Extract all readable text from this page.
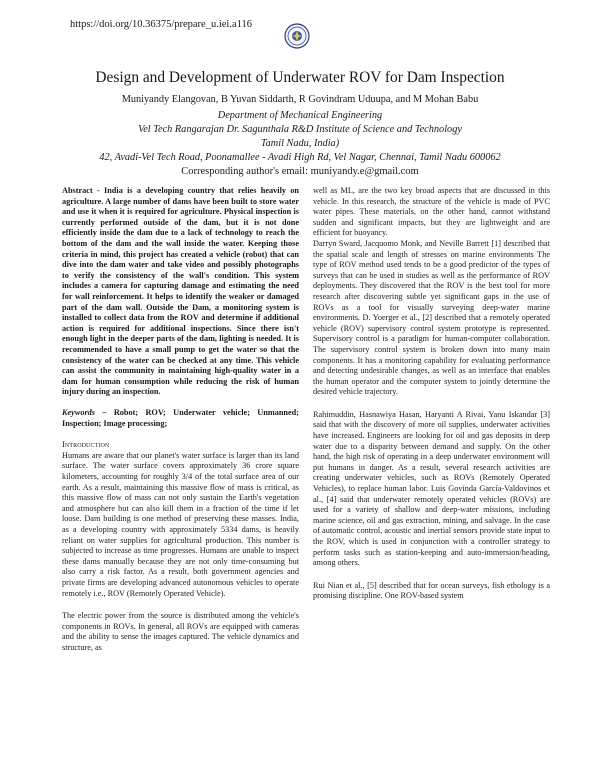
https://doi.org/10.36375/prepare_u.iei.a116
Design and Development of Underwater ROV for Dam Inspection
Muniyandy Elangovan, B Yuvan Siddarth, R Govindram Uduupa, and M Mohan Babu
Department of Mechanical Engineering
Vel Tech Rangarajan Dr. Sagunthala R&D Institute of Science and Technology
Tamil Nadu, India)
42, Avadi-Vel Tech Road, Poonamallee - Avadi High Rd, Vel Nagar, Chennai, Tamil Nadu 600062
Corresponding author's email: muniyandy.e@gmail.com

Abstract - India is a developing country that relies heavily on agriculture. A large number of dams have been built to store water and use it when it is required for agriculture. Physical inspection is currently performed outside of the dam, but it is not done efficiently inside the dam due to a lack of technology to reach the bottom of the dam and the wall inside the water. Keeping those criteria in mind, this project has created a vehicle (robot) that can dive into the dam water and take video and possibly photographs to verify the consistency of the wall's condition. This system includes a camera for capturing damage and estimating the need for wall reinforcement. It helps to identify the weaker or damaged part of the dam wall. Outside the Dam, a monitoring system is installed to collect data from the ROV and determine if additional action is required for additional inspections. Since there isn't enough light in the deeper parts of the dam, lighting is needed. It is recommended to have a small pump to get the water so that the consistency of the water can be checked at any time. This vehicle can assist the community in maintaining high-quality water in a dam for human consumption while reducing the risk of human injury during an inspection.

Keywords – Robot; ROV; Underwater vehicle; Unmanned; Inspection; Image processing;

Introduction

Humans are aware that our planet's water surface is larger than its land surface. The water surface covers approximately 36 crore square kilometers, accounting for roughly 3/4 of the total surface area of our earth. As a result, maintaining this massive flow of mass is critical, as this massive flow of mass can not only sustain the Earth's vegetation and atmosphere but can also kill them in a fraction of the time if let loose. Dam building is one method of preserving these masses. India, as a developing country with approximately 5334 dams, is heavily reliant on water supplies for agricultural production. This number is subjected to increase as time progresses. Humans are unable to inspect these dams manually because they are not only time-consuming but also carry a risk factor. As a result, both government agencies and private firms are developing advanced autonomous vehicles to operate remotely i.e., ROV (Remotely Operated Vehicle).

The electric power from the source is distributed among the vehicle's components in ROVs. In general, all ROVs are equipped with cameras and the ability to sense the images captured. The vehicle dynamics and structure, as

well as ML, are the two key broad aspects that are discussed in this vehicle. In this research, the structure of the vehicle is made of PVC water pipes. These materials, on the other hand, cannot withstand sudden and significant impacts, but they are lightweight and are efficient for buoyancy.

Darryn Sward, Jacquomo Monk, and Neville Barrett [1] described that the spatial scale and length of stresses on marine environments The type of ROV method used tends to be a good predictor of the types of surveys that can be used in studies as well as the performance of ROV deployments. They discovered that the ROV is the best tool for more research after discovering subtle yet significant gaps in the use of ROVs as a tool for visually surveying deep-water marine environments. D. Yoerger et al., [2] described that a remotely operated vehicle (ROV) supervisory control system prototype is represented. Supervisory control is a paradigm for human-computer collaboration. The supervisory control system is broken down into many main components. It has a monitoring capability for evaluating performance and detecting undesirable changes, as well as an interface that enables the human operator and the computer system to jointly determine the desired vehicle trajectory.

Rahimuddin, Hasnawiya Hasan, Haryanti A Rivai, Yanu Iskandar [3] said that with the discovery of more oil supplies, underwater activities have increased. Engineers are looking for oil and gas deposits in deep water due to a disparity between demand and supply. On the other hand, the high risk of operating in a deep underwater environment will put humans in danger. As a result, several research activities are creating underwater vehicles, such as ROVs (Remotely Operated Vehicles), to replace human labor. Luis Govinda García-Valdovinos et al., [4] said that underwater remotely operated vehicles (ROVs) are used for a variety of shallow and deep-water missions, including marine science, oil and gas extraction, mining, and salvage. In the case of automatic control, acoustic and inertial sensors provide state input to the ROV, which is used in conjunction with a controller strategy to perform tasks such as station-keeping and auto-immersion/heading, among others.

Rui Nian et al., [5] described that for ocean surveys, fish ethology is a promising discipline. One ROV-based system
